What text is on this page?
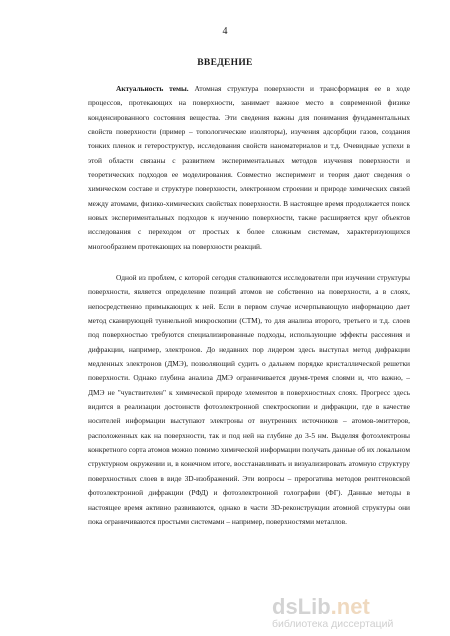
4
ВВЕДЕНИЕ

Актуальность темы. Атомная структура поверхности и трансформация ее в ходе процессов, протекающих на поверхности, занимает важное место в современной физике конденсированного состояния вещества. Эти сведения важны для понимания фундаментальных свойств поверхности (пример – топологические изоляторы), изучения адсорбции газов, создания тонких пленок и гетероструктур, исследования свойств наноматериалов и т.д. Очевидные успехи в этой области связаны с развитием экспериментальных методов изучения поверхности и теоретических подходов ее моделирования. Совместно эксперимент и теория дают сведения о химическом составе и структуре поверхности, электронном строении и природе химических связей между атомами, физико-химических свойствах поверхности. В настоящее время продолжается поиск новых экспериментальных подходов к изучению поверхности, также расширяется круг объектов исследования с переходом от простых к более сложным системам, характеризующихся многообразием протекающих на поверхности реакций.

Одной из проблем, с которой сегодня сталкиваются исследователи при изучении структуры поверхности, является определение позиций атомов не собственно на поверхности, а в слоях, непосредственно примыкающих к ней. Если в первом случае исчерпывающую информацию дает метод сканирующей туннельной микроскопии (СТМ), то для анализа второго, третьего и т.д. слоев под поверхностью требуются специализированные подходы, использующие эффекты рассеяния и дифракции, например, электронов. До недавних пор лидером здесь выступал метод дифракции медленных электронов (ДМЭ), позволяющий судить о дальнем порядке кристаллической решетки поверхности. Однако глубина анализа ДМЭ ограничивается двумя-тремя слоями и, что важно, – ДМЭ не "чувствителен" к химической природе элементов в поверхностных слоях. Прогресс здесь видится в реализации достоинств фотоэлектронной спектроскопии и дифракции, где в качестве носителей информации выступают электроны от внутренних источников – атомов-эмиттеров, расположенных как на поверхности, так и под ней на глубине до 3-5 нм. Выделяя фотоэлектроны конкретного сорта атомов можно помимо химической информации получать данные об их локальном структурном окружении и, в конечном итоге, восстанавливать и визуализировать атомную структуру поверхностных слоев в виде 3D-изображений. Эти вопросы – прерогатива методов рентгеновской фотоэлектронной дифракции (РФД) и фотоэлектронной голографии (ФГ). Данные методы в настоящее время активно развиваются, однако в части 3D-реконструкции атомной структуры они пока ограничиваются простыми системами – например, поверхностями металлов.

dsLib.net
библиотека диссертаций
